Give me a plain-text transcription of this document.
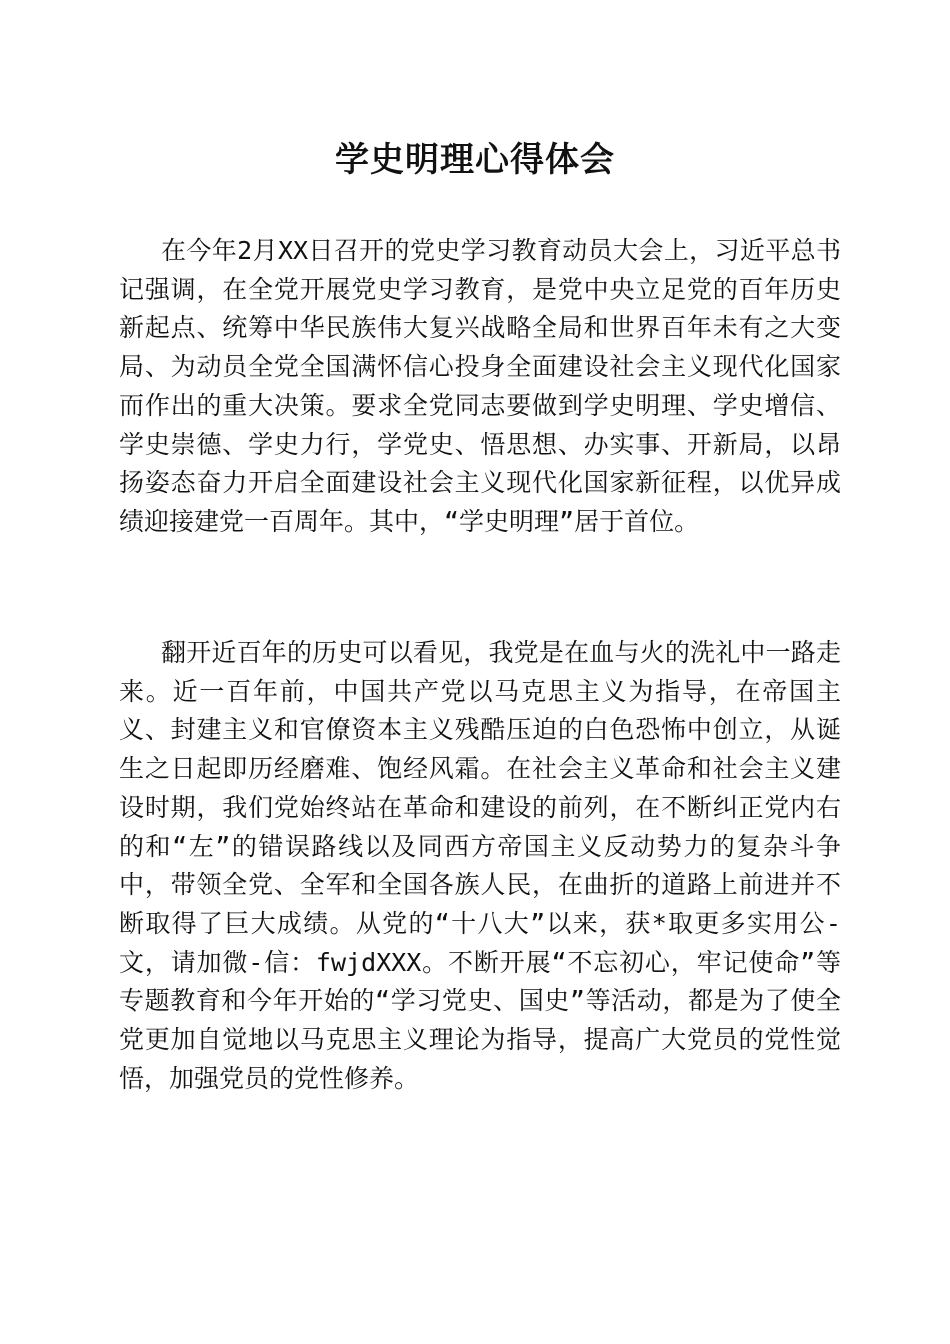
学史明理心得体会

在今年2月XX日召开的党史学习教育动员大会上，习近平总书记强调，在全党开展党史学习教育，是党中央立足党的百年历史新起点、统筹中华民族伟大复兴战略全局和世界百年未有之大变局、为动员全党全国满怀信心投身全面建设社会主义现代化国家而作出的重大决策。要求全党同志要做到学史明理、学史增信、学史崇德、学史力行，学党史、悟思想、办实事、开新局，以昂扬姿态奋力开启全面建设社会主义现代化国家新征程，以优异成绩迎接建党一百周年。其中，“学史明理”居于首位。

翻开近百年的历史可以看见，我党是在血与火的洗礼中一路走来。近一百年前，中国共产党以马克思主义为指导，在帝国主义、封建主义和官僚资本主义残酷压迫的白色恐怖中创立，从诞生之日起即历经磨难、饱经风霜。在社会主义革命和社会主义建设时期，我们党始终站在革命和建设的前列，在不断纠正党内右的和“左”的错误路线以及同西方帝国主义反动势力的复杂斗争中，带领全党、全军和全国各族人民，在曲折的道路上前进并不断取得了巨大成绩。从党的“十八大”以来，获*取更多实用公-文，请加微-信：fwjdXXX。不断开展“不忘初心，牢记使命”等专题教育和今年开始的“学习党史、国史”等活动，都是为了使全党更加自觉地以马克思主义理论为指导，提高广大党员的党性觉悟，加强党员的党性修养。
